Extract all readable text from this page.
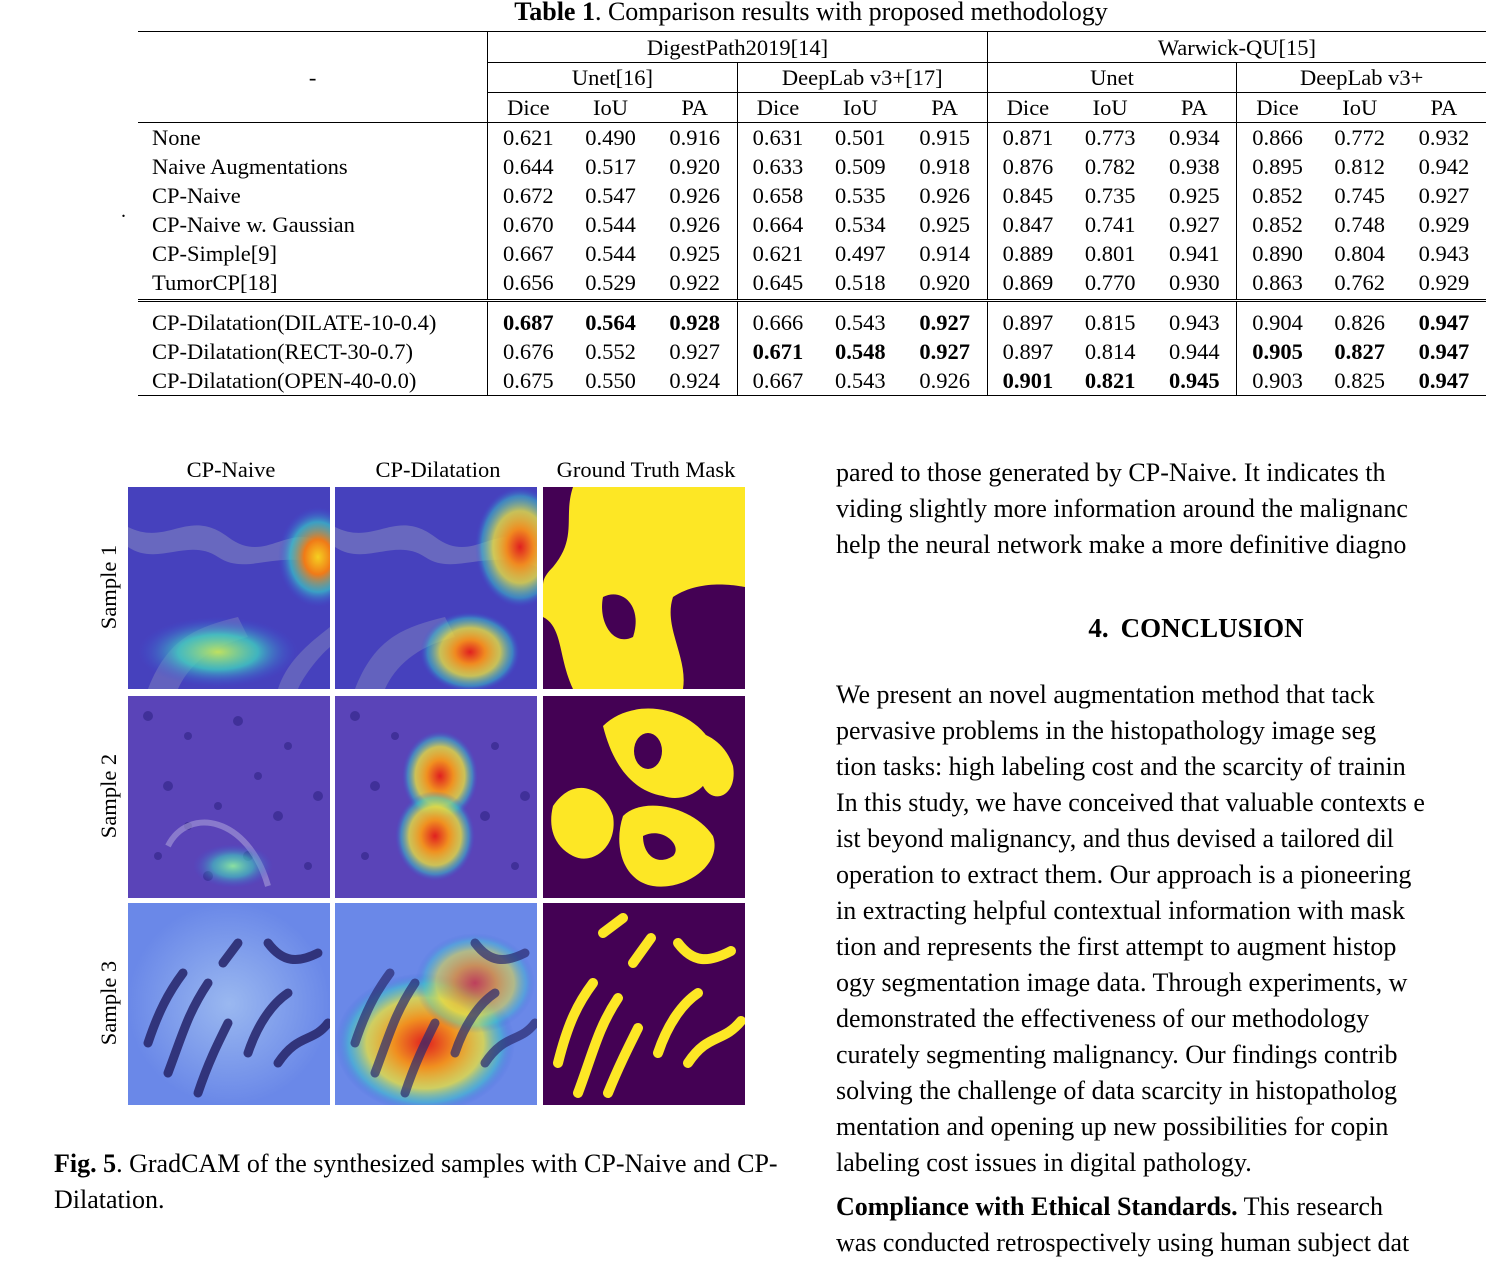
Table 1. Comparison results with proposed methodology
.
-	DigestPath2019[14]						Warwick-QU[15]					
	Unet[16]			DeepLab v3+[17]			Unet			DeepLab v3+		
	Dice	IoU	PA	Dice	IoU	PA	Dice	IoU	PA	Dice	IoU	PA
None	0.621	0.490	0.916	0.631	0.501	0.915	0.871	0.773	0.934	0.866	0.772	0.932
Naive Augmentations	0.644	0.517	0.920	0.633	0.509	0.918	0.876	0.782	0.938	0.895	0.812	0.942
CP-Naive	0.672	0.547	0.926	0.658	0.535	0.926	0.845	0.735	0.925	0.852	0.745	0.927
CP-Naive w. Gaussian	0.670	0.544	0.926	0.664	0.534	0.925	0.847	0.741	0.927	0.852	0.748	0.929
CP-Simple[9]	0.667	0.544	0.925	0.621	0.497	0.914	0.889	0.801	0.941	0.890	0.804	0.943
TumorCP[18]	0.656	0.529	0.922	0.645	0.518	0.920	0.869	0.770	0.930	0.863	0.762	0.929
CP-Dilatation(DILATE-10-0.4)	0.687	0.564	0.928	0.666	0.543	0.927	0.897	0.815	0.943	0.904	0.826	0.947
CP-Dilatation(RECT-30-0.7)	0.676	0.552	0.927	0.671	0.548	0.927	0.897	0.814	0.944	0.905	0.827	0.947
CP-Dilatation(OPEN-40-0.0)	0.675	0.550	0.924	0.667	0.543	0.926	0.901	0.821	0.945	0.903	0.825	0.947
CP-Naive	CP-Dilatation	Ground Truth Mask
Sample 1
Sample 2
Sample 3
Fig. 5. GradCAM of the synthesized samples with CP-Naive and CP-Dilatation.
pared to those generated by CP-Naive. It indicates th
viding slightly more information around the malignanc
help the neural network make a more definitive diagno
4. CONCLUSION
We present an novel augmentation method that tack
pervasive problems in the histopathology image seg
tion tasks: high labeling cost and the scarcity of trainin
In this study, we have conceived that valuable contexts e
ist beyond malignancy, and thus devised a tailored dil
operation to extract them. Our approach is a pioneering
in extracting helpful contextual information with mask
tion and represents the first attempt to augment histop
ogy segmentation image data. Through experiments, w
demonstrated the effectiveness of our methodology
curately segmenting malignancy. Our findings contrib
solving the challenge of data scarcity in histopatholog
mentation and opening up new possibilities for copin
labeling cost issues in digital pathology.
Compliance with Ethical Standards. This research
was conducted retrospectively using human subject dat
